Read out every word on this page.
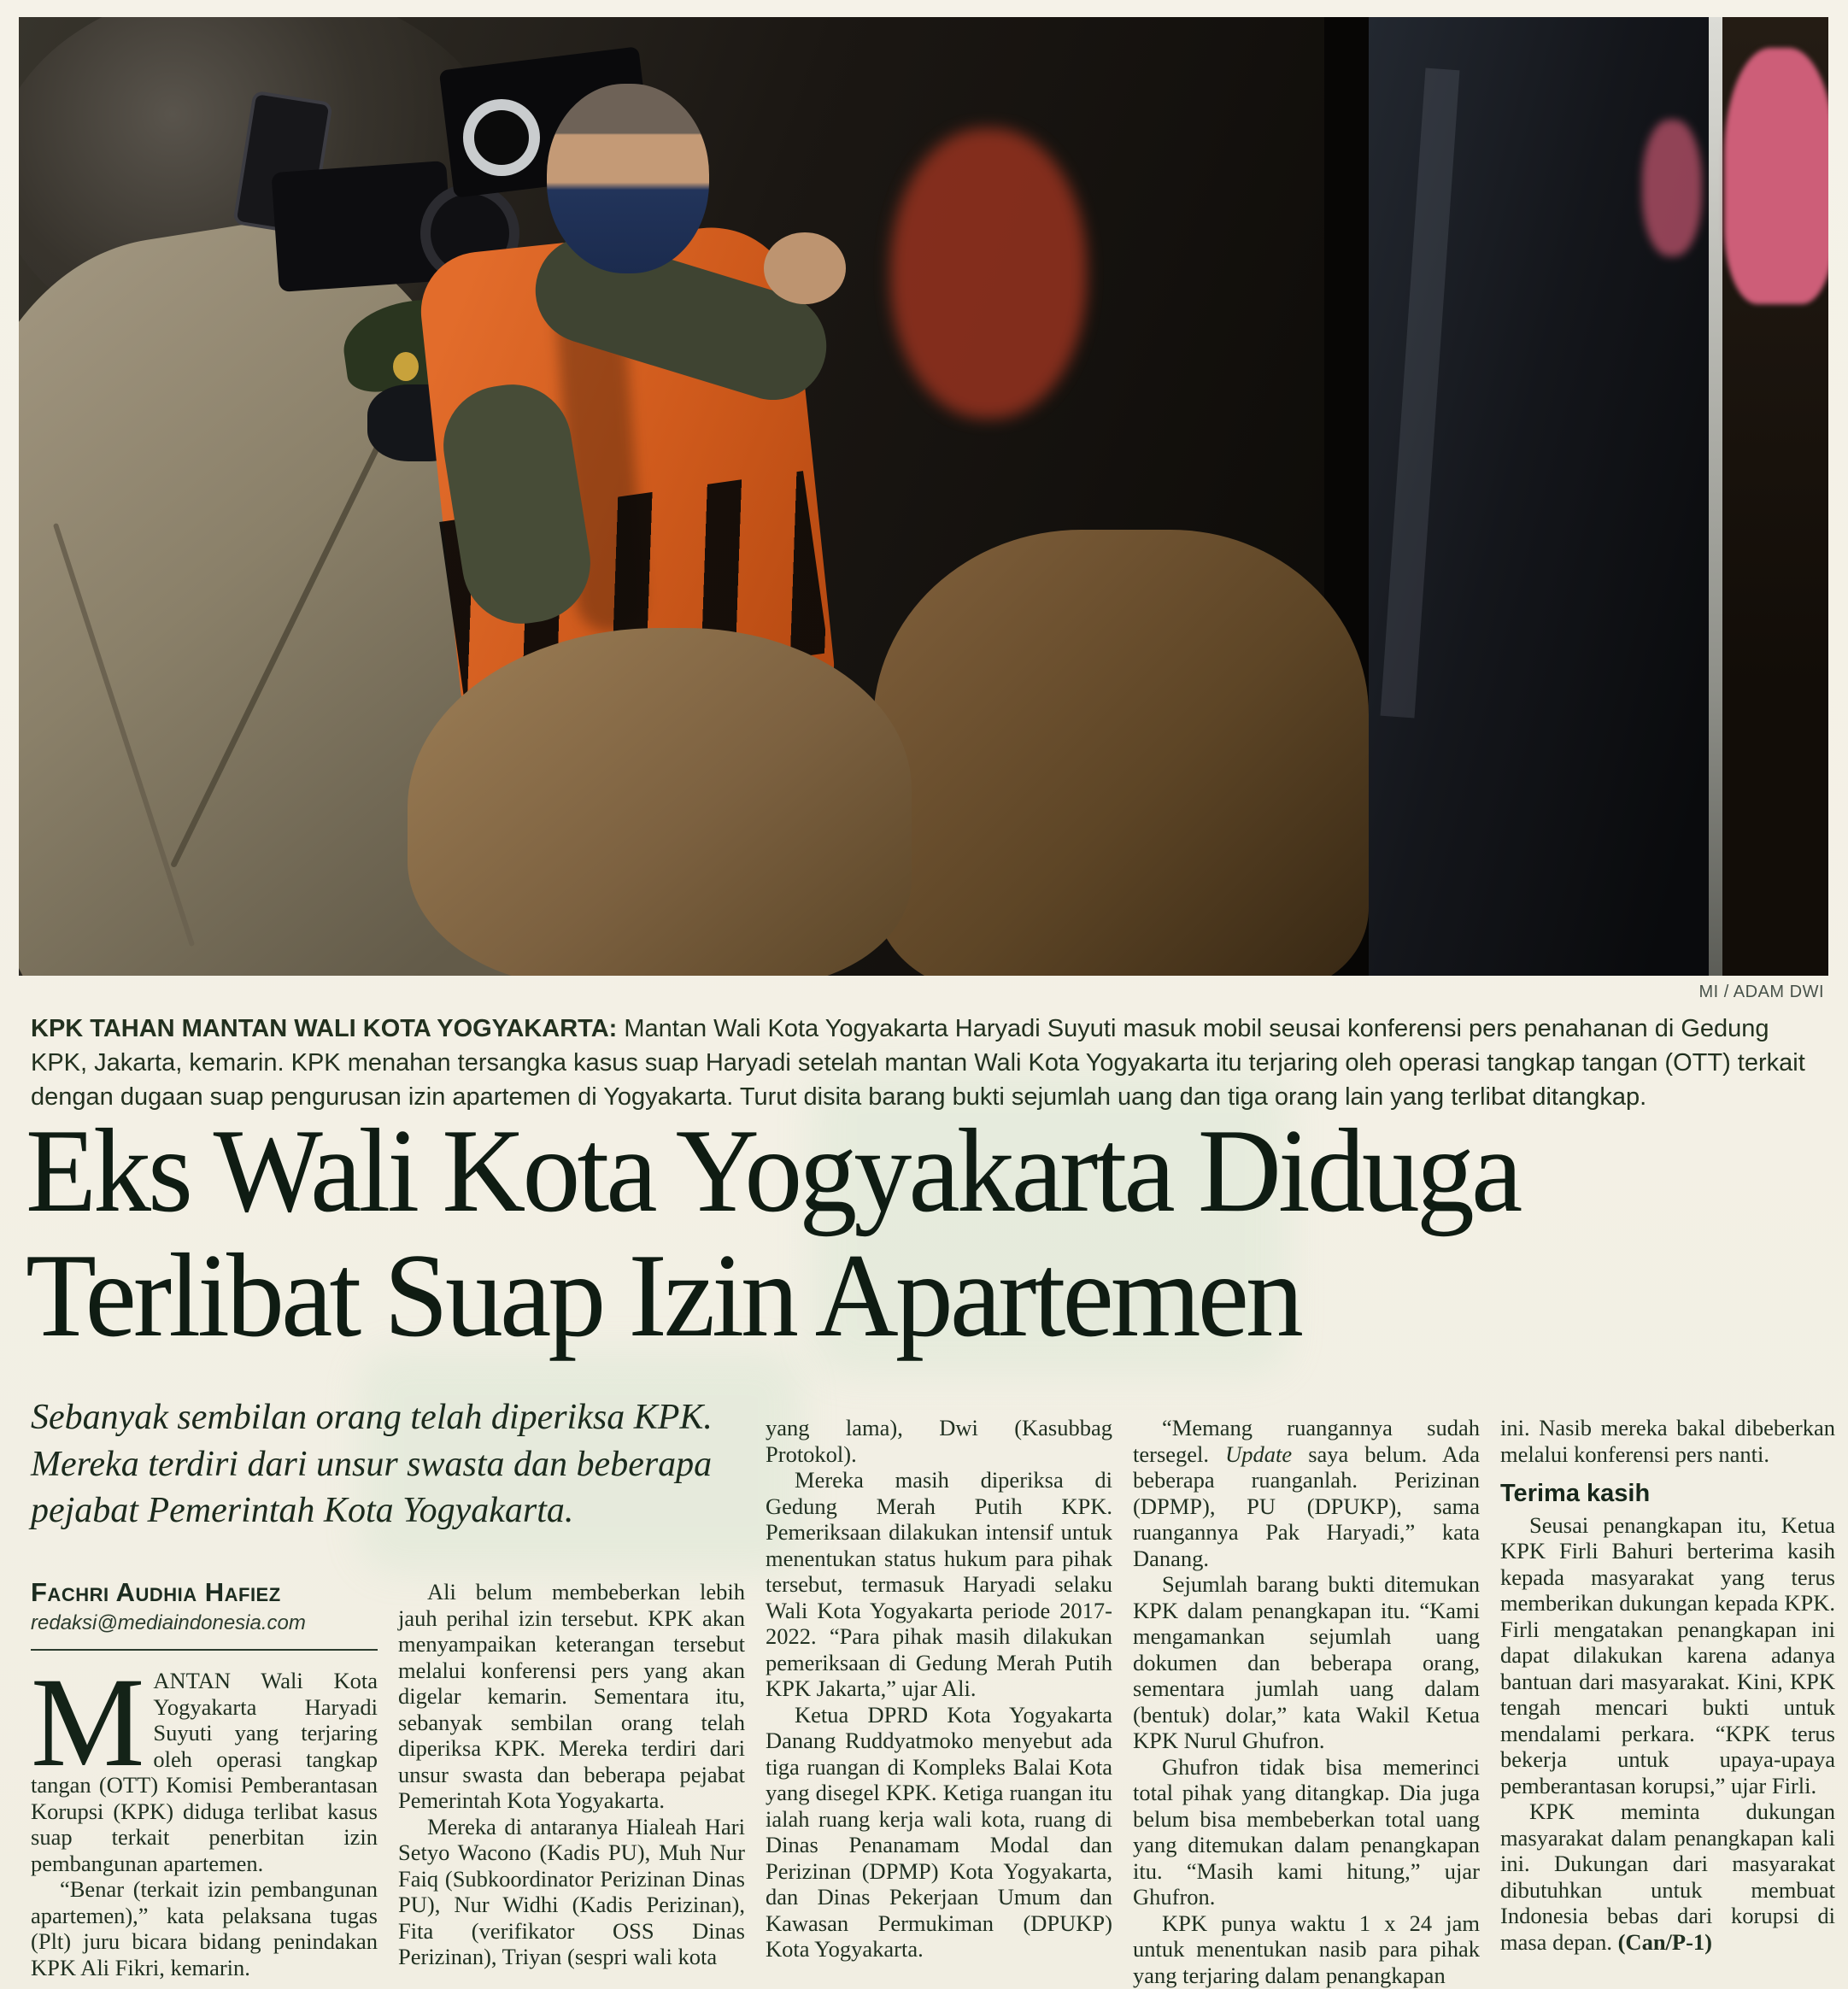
MI / ADAM DWI
KPK TAHAN MANTAN WALI KOTA YOGYAKARTA: Mantan Wali Kota Yogyakarta Haryadi Suyuti masuk mobil seusai konferensi pers penahanan di Gedung KPK, Jakarta, kemarin. KPK menahan tersangka kasus suap Haryadi setelah mantan Wali Kota Yogyakarta itu terjaring oleh operasi tangkap tangan (OTT) terkait dengan dugaan suap pengurusan izin apartemen di Yogyakarta. Turut disita barang bukti sejumlah uang dan tiga orang lain yang terlibat ditangkap.
Eks Wali Kota Yogyakarta Diduga
Terlibat Suap Izin Apartemen
Sebanyak sembilan orang telah diperiksa KPK. Mereka terdiri dari unsur swasta dan beberapa pejabat Pemerintah Kota Yogyakarta.
Fachri Audhia Hafiez
redaksi@mediaindonesia.com

MANTAN Wali Kota Yogyakarta Haryadi Suyuti yang terjaring oleh operasi tangkap tangan (OTT) Komisi Pemberantasan Korupsi (KPK) diduga terlibat kasus suap terkait penerbitan izin pembangunan apartemen.

“Benar (terkait izin pembangunan apartemen),” kata pelaksana tugas (Plt) juru bicara bidang penindakan KPK Ali Fikri, kemarin.

Ali belum membeberkan lebih jauh perihal izin tersebut. KPK akan menyampaikan keterangan tersebut melalui konferensi pers yang akan digelar kemarin. Sementara itu, sebanyak sembilan orang telah diperiksa KPK. Mereka terdiri dari unsur swasta dan beberapa pejabat Pemerintah Kota Yogyakarta.

Mereka di antaranya Hialeah Hari Setyo Wacono (Kadis PU), Muh Nur Faiq (Subkoordinator Perizinan Dinas PU), Nur Widhi (Kadis Perizinan), Fita (verifikator OSS Dinas Perizinan), Triyan (sespri wali kota

yang lama), Dwi (Kasubbag Protokol).

Mereka masih diperiksa di Gedung Merah Putih KPK. Pemeriksaan dilakukan intensif untuk menentukan status hukum para pihak tersebut, termasuk Haryadi selaku Wali Kota Yogyakarta periode 2017-2022. “Para pihak masih dilakukan pemeriksaan di Gedung Merah Putih KPK Jakarta,” ujar Ali.

Ketua DPRD Kota Yogyakarta Danang Ruddyatmoko menyebut ada tiga ruangan di Kompleks Balai Kota yang disegel KPK. Ketiga ruangan itu ialah ruang kerja wali kota, ruang di Dinas Penanamam Modal dan Perizinan (DPMP) Kota Yogyakarta, dan Dinas Pekerjaan Umum dan Kawasan Permukiman (DPUKP) Kota Yogyakarta.

“Memang ruangannya sudah tersegel. Update saya belum. Ada beberapa ruanganlah. Perizinan (DPMP), PU (DPUKP), sama ruangannya Pak Haryadi,” kata Danang.

Sejumlah barang bukti ditemukan KPK dalam penangkapan itu. “Kami mengamankan sejumlah uang dokumen dan beberapa orang, sementara jumlah uang dalam (bentuk) dolar,” kata Wakil Ketua KPK Nurul Ghufron.

Ghufron tidak bisa memerinci total pihak yang ditangkap. Dia juga belum bisa membeberkan total uang yang ditemukan dalam penangkapan itu. “Masih kami hitung,” ujar Ghufron.

KPK punya waktu 1 x 24 jam untuk menentukan nasib para pihak yang terjaring dalam penangkapan

ini. Nasib mereka bakal dibeberkan melalui konferensi pers nanti.

Terima kasih

Seusai penangkapan itu, Ketua KPK Firli Bahuri berterima kasih kepada masyarakat yang terus memberikan dukungan kepada KPK. Firli mengatakan penangkapan ini dapat dilakukan karena adanya bantuan dari masyarakat. Kini, KPK tengah mencari bukti untuk mendalami perkara. “KPK terus bekerja untuk upaya-upaya pemberantasan korupsi,” ujar Firli.

KPK meminta dukungan masyarakat dalam penangkapan kali ini. Dukungan dari masyarakat dibutuhkan untuk membuat Indonesia bebas dari korupsi di masa depan. (Can/P-1)
